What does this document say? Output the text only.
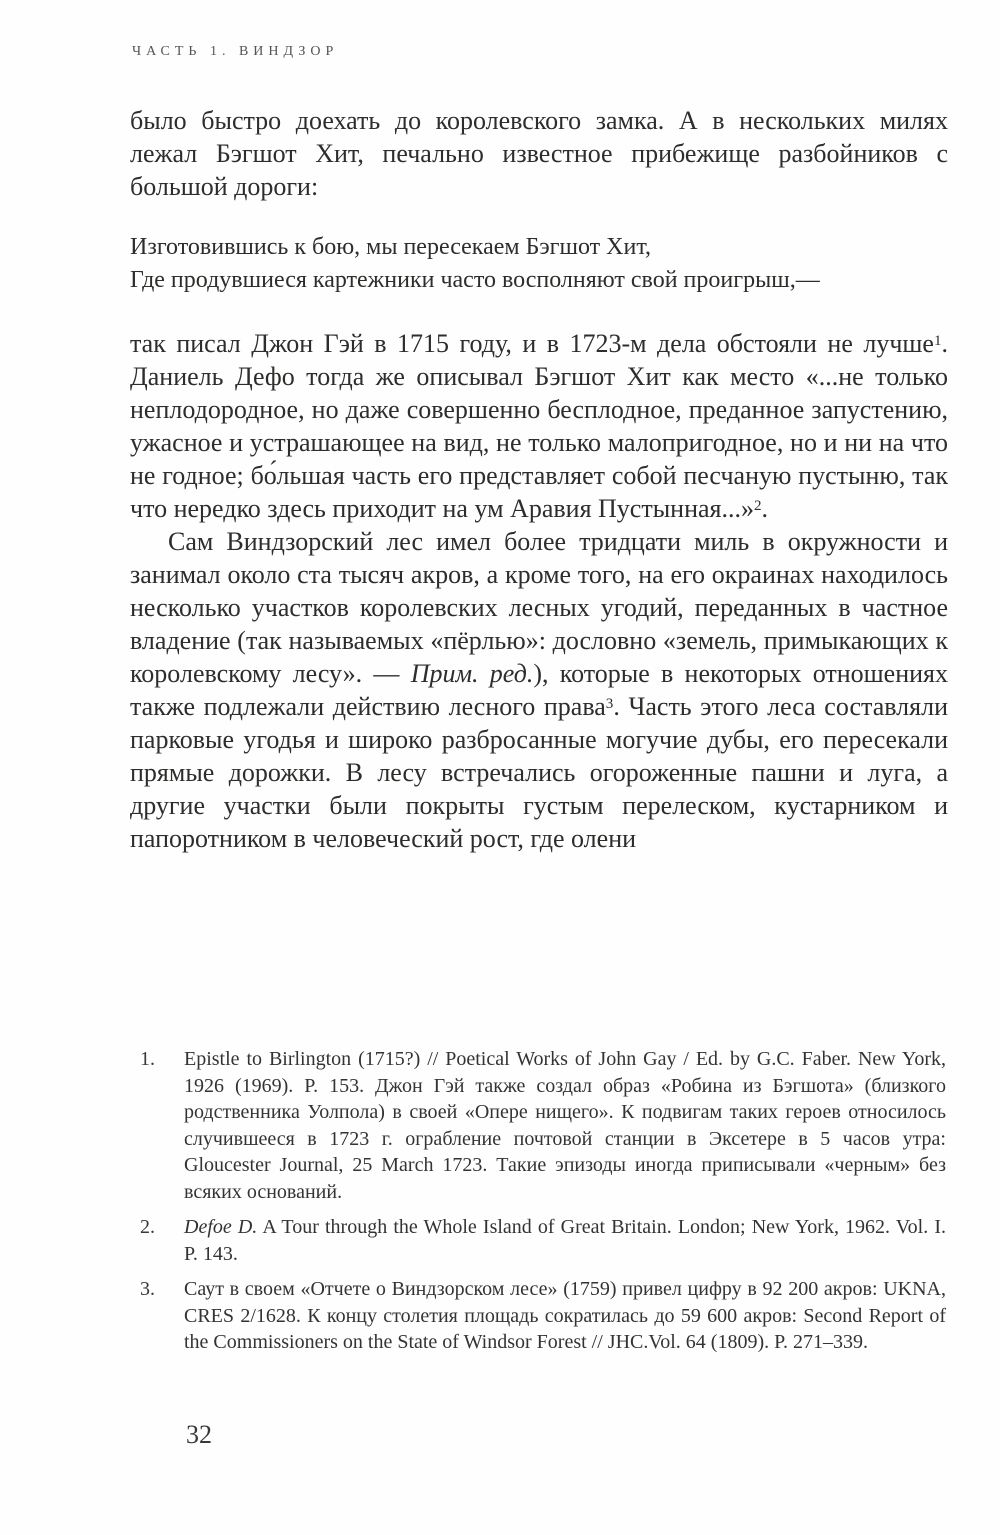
ЧАСТЬ 1. ВИНДЗОР

было быстро доехать до королевского замка. А в нескольких милях лежал Бэгшот Хит, печально известное прибежище разбойников с большой дороги:

Изготовившись к бою, мы пересекаем Бэгшот Хит,
Где продувшиеся картежники часто восполняют свой проигрыш,—

так писал Джон Гэй в 1715 году, и в 1723-м дела обстояли не лучше$^1$. Даниель Дефо тогда же описывал Бэгшот Хит как место «...не только неплодородное, но даже совершенно бесплодное, преданное запустению, ужасное и устрашающее на вид, не только малопригодное, но и ни на что не годное; бо́льшая часть его представляет собой песчаную пустыню, так что нередко здесь приходит на ум Аравия Пустынная...»$^2$.

Сам Виндзорский лес имел более тридцати миль в окружности и занимал около ста тысяч акров, а кроме того, на его окраинах находилось несколько участков королевских лесных угодий, переданных в частное владение (так называемых «пёрлью»: дословно «земель, примыкающих к королевскому лесу». — Прим. ред.), которые в некоторых отношениях также подлежали действию лесного права$^3$. Часть этого леса составляли парковые угодья и широко разбросанные могучие дубы, его пересекали прямые дорожки. В лесу встречались огороженные пашни и луга, а другие участки были покрыты густым перелеском, кустарником и папоротником в человеческий рост, где олени

1.	Epistle to Birlington (1715?) // Poetical Works of John Gay / Ed. by G.C. Faber. New York, 1926 (1969). P. 153. Джон Гэй также создал образ «Робина из Бэгшота» (близкого родственника Уолпола) в своей «Опере нищего». К подвигам таких героев относилось случившееся в 1723 г. ограбление почтовой станции в Эксетере в 5 часов утра: Gloucester Journal, 25 March 1723. Такие эпизоды иногда приписывали «черным» без всяких оснований.
2.	Defoe D. A Tour through the Whole Island of Great Britain. London; New York, 1962. Vol. I. P. 143.
3.	Саут в своем «Отчете о Виндзорском лесе» (1759) привел цифру в 92 200 акров: UKNA, CRES 2/1628. К концу столетия площадь сократилась до 59 600 акров: Second Report of the Commissioners on the State of Windsor Forest // JHC.Vol. 64 (1809). P. 271–339.
32
